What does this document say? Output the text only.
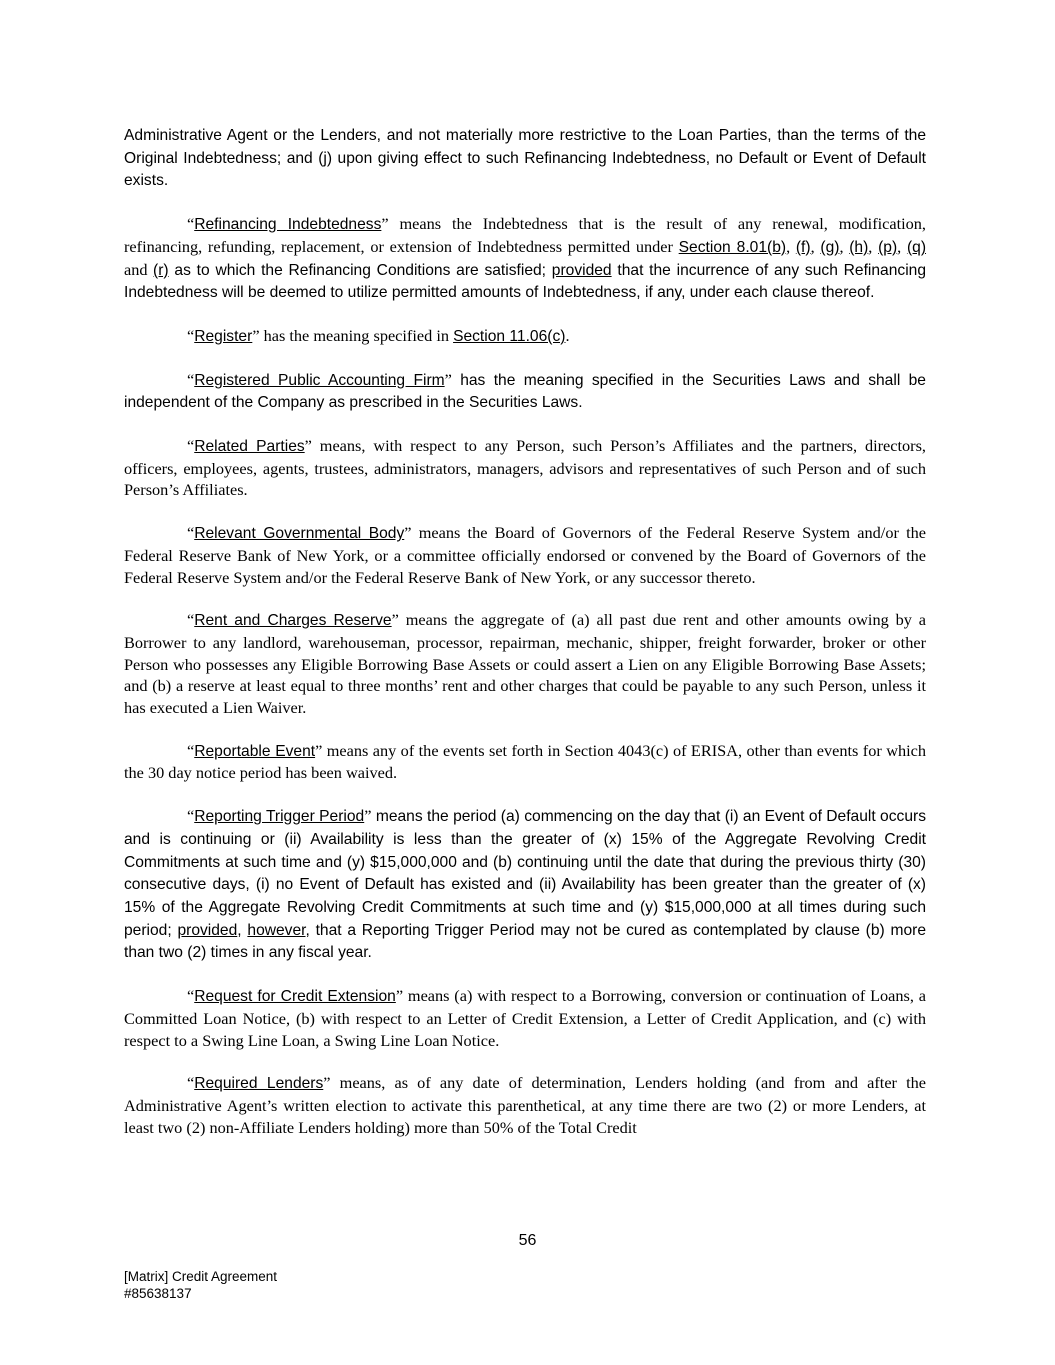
Administrative Agent or the Lenders, and not materially more restrictive to the Loan Parties, than the terms of the Original Indebtedness; and (j) upon giving effect to such Refinancing Indebtedness, no Default or Event of Default exists.

“Refinancing Indebtedness” means the Indebtedness that is the result of any renewal, modification, refinancing, refunding, replacement, or extension of Indebtedness permitted under Section 8.01(b), (f), (g), (h), (p), (q) and (r) as to which the Refinancing Conditions are satisfied; provided that the incurrence of any such Refinancing Indebtedness will be deemed to utilize permitted amounts of Indebtedness, if any, under each clause thereof.

“Register” has the meaning specified in Section 11.06(c).

“Registered Public Accounting Firm” has the meaning specified in the Securities Laws and shall be independent of the Company as prescribed in the Securities Laws.

“Related Parties” means, with respect to any Person, such Person’s Affiliates and the partners, directors, officers, employees, agents, trustees, administrators, managers, advisors and representatives of such Person and of such Person’s Affiliates.

“Relevant Governmental Body” means the Board of Governors of the Federal Reserve System and/or the Federal Reserve Bank of New York, or a committee officially endorsed or convened by the Board of Governors of the Federal Reserve System and/or the Federal Reserve Bank of New York, or any successor thereto.

“Rent and Charges Reserve” means the aggregate of (a) all past due rent and other amounts owing by a Borrower to any landlord, warehouseman, processor, repairman, mechanic, shipper, freight forwarder, broker or other Person who possesses any Eligible Borrowing Base Assets or could assert a Lien on any Eligible Borrowing Base Assets; and (b) a reserve at least equal to three months’ rent and other charges that could be payable to any such Person, unless it has executed a Lien Waiver.

“Reportable Event” means any of the events set forth in Section 4043(c) of ERISA, other than events for which the 30 day notice period has been waived.

“Reporting Trigger Period” means the period (a) commencing on the day that (i) an Event of Default occurs and is continuing or (ii) Availability is less than the greater of (x) 15% of the Aggregate Revolving Credit Commitments at such time and (y) $15,000,000 and (b) continuing until the date that during the previous thirty (30) consecutive days, (i) no Event of Default has existed and (ii) Availability has been greater than the greater of (x) 15% of the Aggregate Revolving Credit Commitments at such time and (y) $15,000,000 at all times during such period; provided, however, that a Reporting Trigger Period may not be cured as contemplated by clause (b) more than two (2) times in any fiscal year.

“Request for Credit Extension” means (a) with respect to a Borrowing, conversion or continuation of Loans, a Committed Loan Notice, (b) with respect to an Letter of Credit Extension, a Letter of Credit Application, and (c) with respect to a Swing Line Loan, a Swing Line Loan Notice.

“Required Lenders” means, as of any date of determination, Lenders holding (and from and after the Administrative Agent’s written election to activate this parenthetical, at any time there are two (2) or more Lenders, at least two (2) non-Affiliate Lenders holding) more than 50% of the Total Credit

56
[Matrix] Credit Agreement
#85638137
